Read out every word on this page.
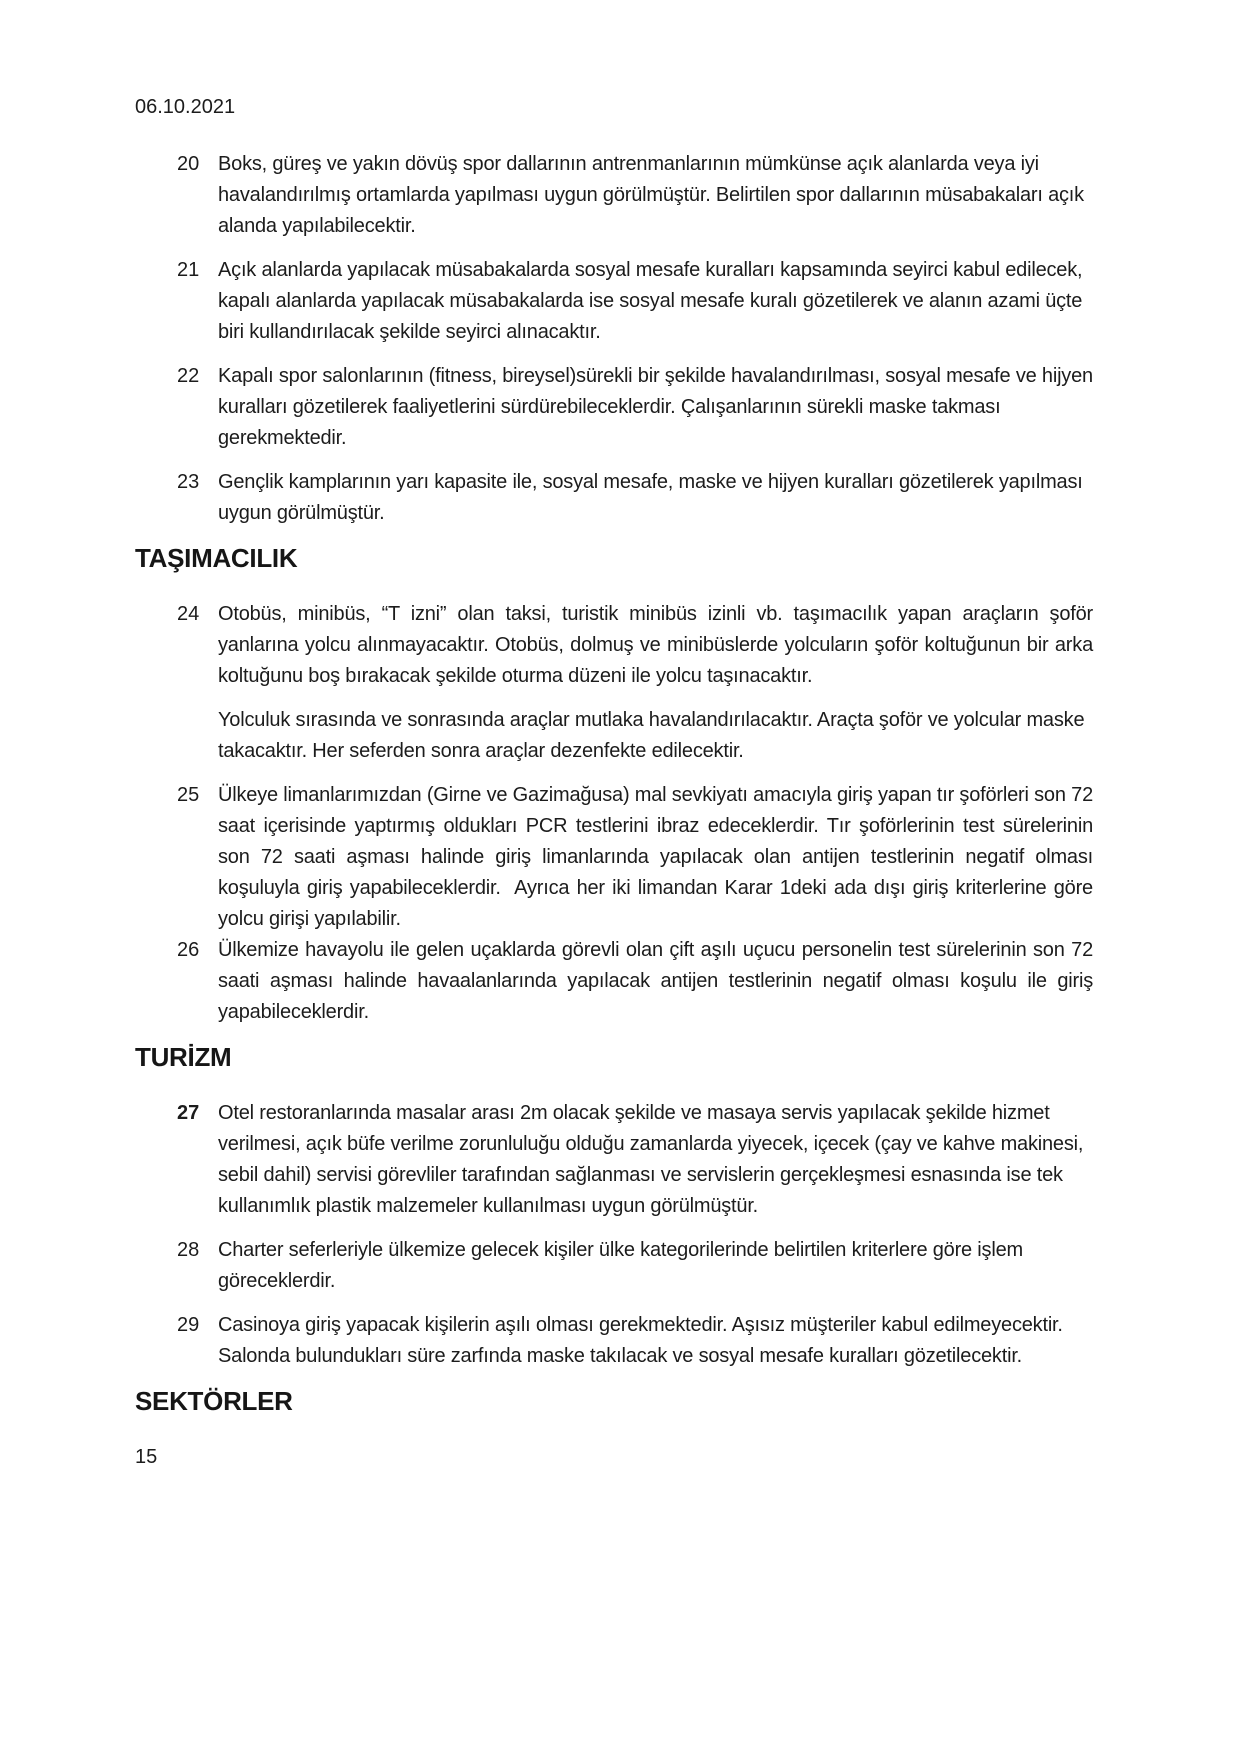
06.10.2021
20 Boks, güreş ve yakın dövüş spor dallarının antrenmanlarının mümkünse açık alanlarda veya iyi havalandırılmış ortamlarda yapılması uygun görülmüştür. Belirtilen spor dallarının müsabakaları açık alanda yapılabilecektir.
21 Açık alanlarda yapılacak müsabakalarda sosyal mesafe kuralları kapsamında seyirci kabul edilecek, kapalı alanlarda yapılacak müsabakalarda ise sosyal mesafe kuralı gözetilerek ve alanın azami üçte biri kullandırılacak şekilde seyirci alınacaktır.
22 Kapalı spor salonlarının (fitness, bireysel)sürekli bir şekilde havalandırılması, sosyal mesafe ve hijyen kuralları gözetilerek faaliyetlerini sürdürebileceklerdir. Çalışanlarının sürekli maske takması gerekmektedir.
23 Gençlik kamplarının yarı kapasite ile, sosyal mesafe, maske ve hijyen kuralları gözetilerek yapılması uygun görülmüştür.
TAŞIMACILIK
24 Otobüs, minibüs, “T izni” olan taksi, turistik minibüs izinli vb. taşımacılık yapan araçların şoför yanlarına yolcu alınmayacaktır. Otobüs, dolmuş ve minibüslerde yolcuların şoför koltuğunun bir arka koltuğunu boş bırakacak şekilde oturma düzeni ile yolcu taşınacaktır.
Yolculuk sırasında ve sonrasında araçlar mutlaka havalandırılacaktır. Araçta şoför ve yolcular maske takacaktır. Her seferden sonra araçlar dezenfekte edilecektir.
25 Ülkeye limanlarımızdan (Girne ve Gazimağusa) mal sevkiyatı amacıyla giriş yapan tır şoförleri son 72 saat içerisinde yaptırmış oldukları PCR testlerini ibraz edeceklerdir. Tır şoförlerinin test sürelerinin son 72 saati aşması halinde giriş limanlarında yapılacak olan antijen testlerinin negatif olması koşuluyla giriş yapabileceklerdir.  Ayrıca her iki limandan Karar 1deki ada dışı giriş kriterlerine göre yolcu girişi yapılabilir.
26 Ülkemize havayolu ile gelen uçaklarda görevli olan çift aşılı uçucu personelin test sürelerinin son 72 saati aşması halinde havaalanlarında yapılacak antijen testlerinin negatif olması koşulu ile giriş yapabileceklerdir.
TURİZM
27 Otel restoranlarında masalar arası 2m olacak şekilde ve masaya servis yapılacak şekilde hizmet verilmesi, açık büfe verilme zorunluluğu olduğu zamanlarda yiyecek, içecek (çay ve kahve makinesi, sebil dahil) servisi görevliler tarafından sağlanması ve servislerin gerçekleşmesi esnasında ise tek kullanımlık plastik malzemeler kullanılması uygun görülmüştür.
28 Charter seferleriyle ülkemize gelecek kişiler ülke kategorilerinde belirtilen kriterlere göre işlem göreceklerdir.
29 Casinoya giriş yapacak kişilerin aşılı olması gerekmektedir. Aşısız müşteriler kabul edilmeyecektir. Salonda bulundukları süre zarfında maske takılacak ve sosyal mesafe kuralları gözetilecektir.
SEKTÖRLER
15
